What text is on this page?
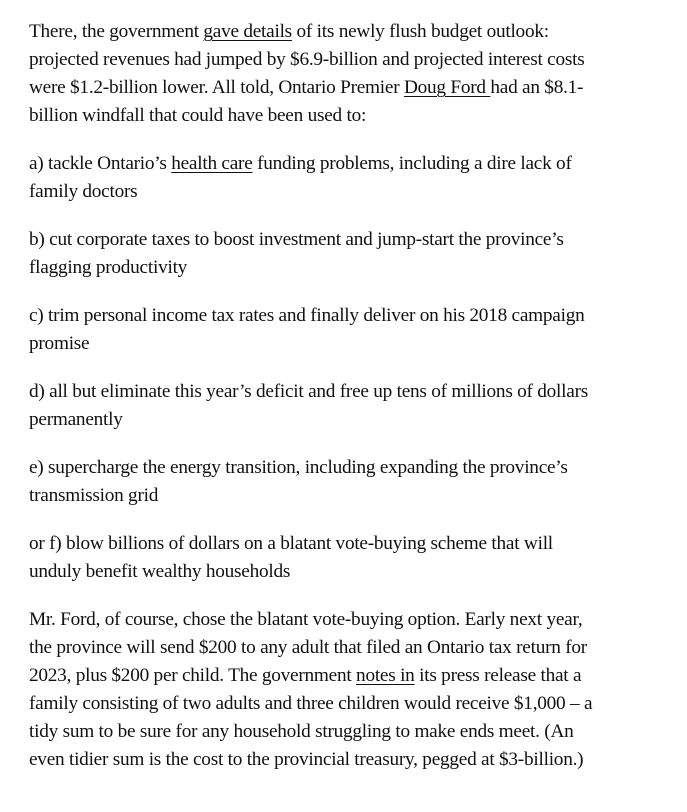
There, the government gave details of its newly flush budget outlook: projected revenues had jumped by $6.9-billion and projected interest costs were $1.2-billion lower. All told, Ontario Premier Doug Ford had an $8.1-billion windfall that could have been used to:

a) tackle Ontario’s health care funding problems, including a dire lack of family doctors

b) cut corporate taxes to boost investment and jump-start the province’s flagging productivity

c) trim personal income tax rates and finally deliver on his 2018 campaign promise

d) all but eliminate this year’s deficit and free up tens of millions of dollars permanently

e) supercharge the energy transition, including expanding the province’s transmission grid

or f) blow billions of dollars on a blatant vote-buying scheme that will unduly benefit wealthy households

Mr. Ford, of course, chose the blatant vote-buying option. Early next year, the province will send $200 to any adult that filed an Ontario tax return for 2023, plus $200 per child. The government notes in its press release that a family consisting of two adults and three children would receive $1,000 – a tidy sum to be sure for any household struggling to make ends meet. (An even tidier sum is the cost to the provincial treasury, pegged at $3-billion.)
